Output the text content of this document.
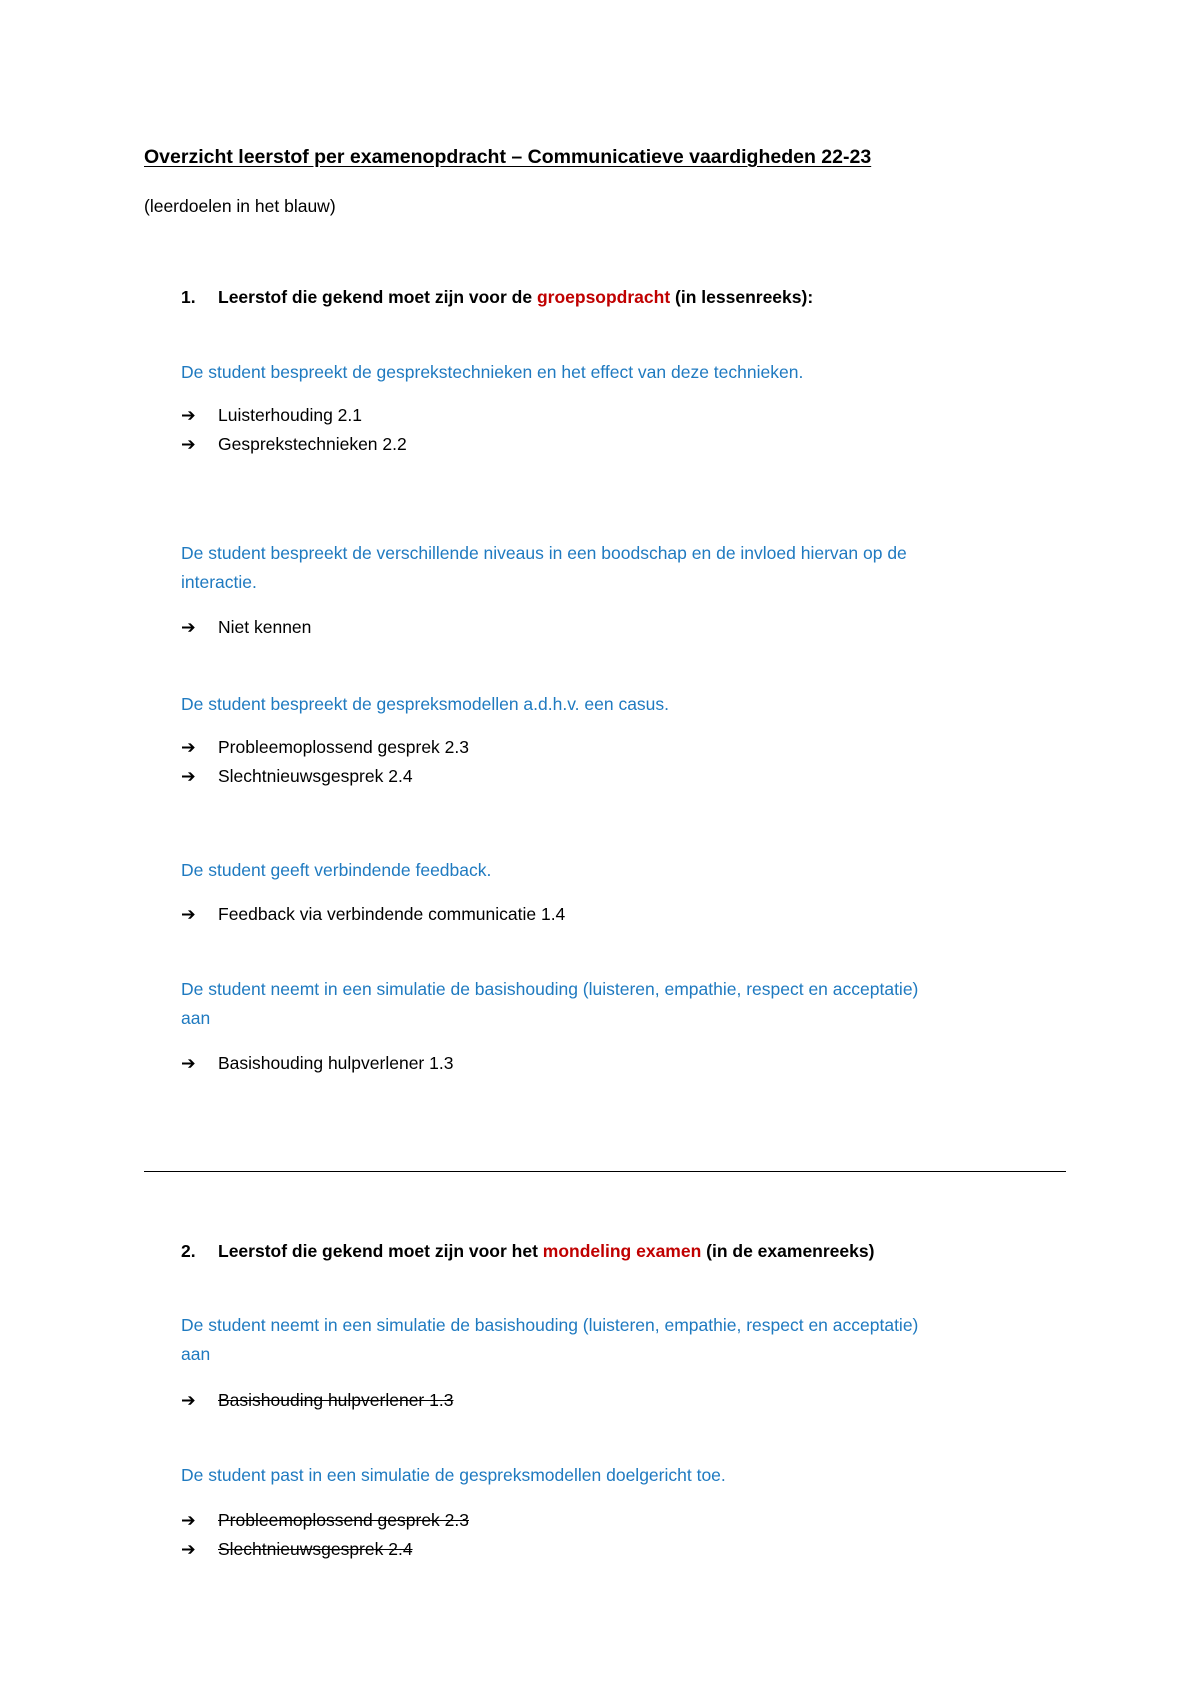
Overzicht leerstof per examenopdracht – Communicatieve vaardigheden 22-23
(leerdoelen in het blauw)
1. Leerstof die gekend moet zijn voor de groepsopdracht (in lessenreeks):
De student bespreekt de gesprekstechnieken en het effect van deze technieken.
➔ Luisterhouding 2.1
➔ Gesprekstechnieken 2.2
De student bespreekt de verschillende niveaus in een boodschap en de invloed hiervan op de
interactie.
➔ Niet kennen
De student bespreekt de gespreksmodellen a.d.h.v. een casus.
➔ Probleemoplossend gesprek 2.3
➔ Slechtnieuwsgesprek 2.4
De student geeft verbindende feedback.
➔ Feedback via verbindende communicatie 1.4
De student neemt in een simulatie de basishouding (luisteren, empathie, respect en acceptatie)
aan
➔ Basishouding hulpverlener 1.3
2. Leerstof die gekend moet zijn voor het mondeling examen (in de examenreeks)
De student neemt in een simulatie de basishouding (luisteren, empathie, respect en acceptatie)
aan
➔ Basishouding hulpverlener 1.3
De student past in een simulatie de gespreksmodellen doelgericht toe.
➔ Probleemoplossend gesprek 2.3
➔ Slechtnieuwsgesprek 2.4
